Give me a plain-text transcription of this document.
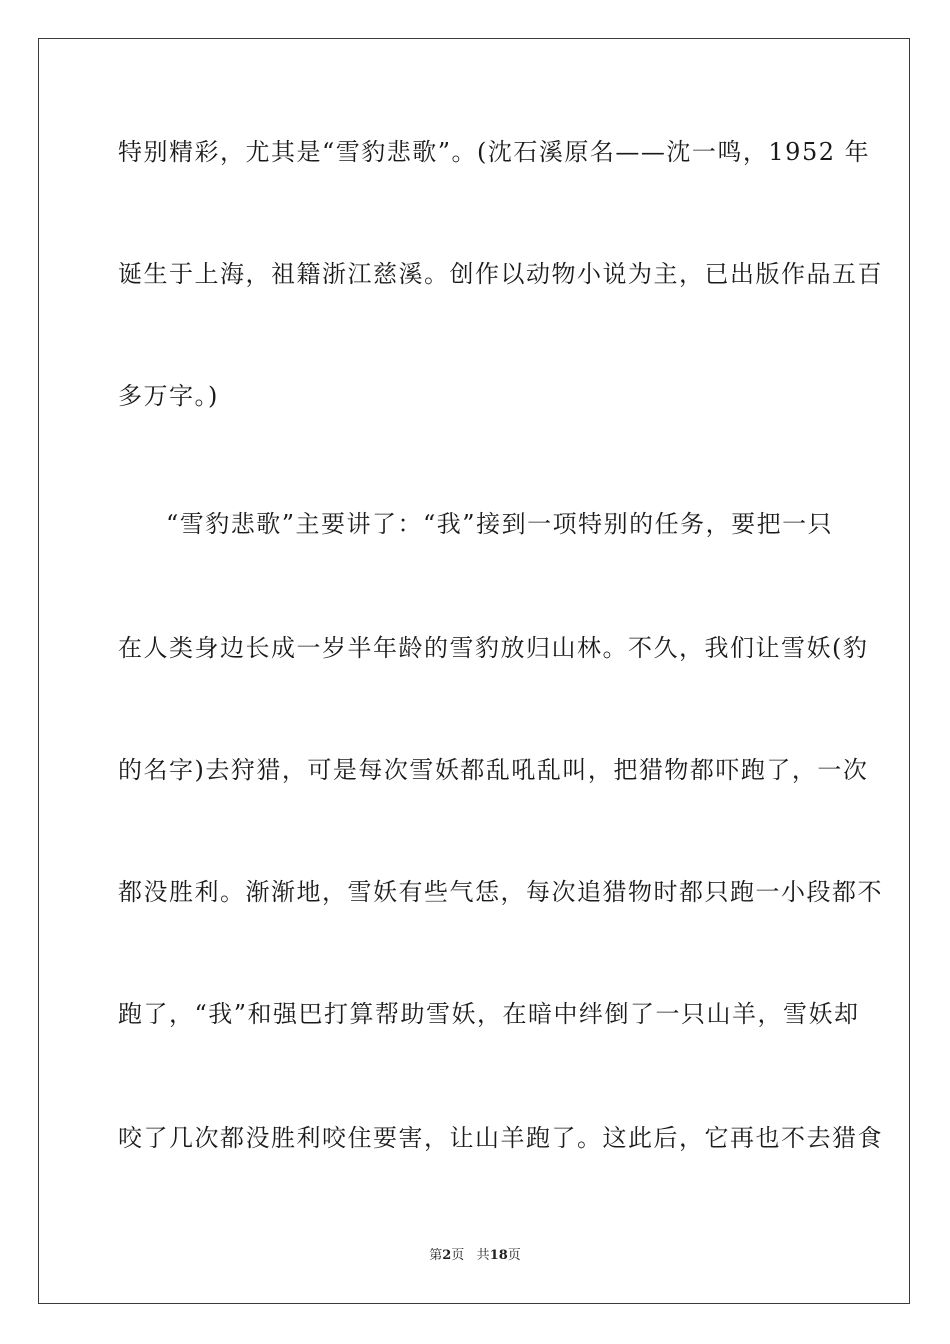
特别精彩，尤其是“雪豹悲歌”。(沈石溪原名——沈一鸣，1952 年
诞生于上海，祖籍浙江慈溪。创作以动物小说为主，已出版作品五百
多万字。)
“雪豹悲歌”主要讲了：“我”接到一项特别的任务，要把一只
在人类身边长成一岁半年龄的雪豹放归山林。不久，我们让雪妖(豹
的名字)去狩猎，可是每次雪妖都乱吼乱叫，把猎物都吓跑了，一次
都没胜利。渐渐地，雪妖有些气恁，每次追猎物时都只跑一小段都不
跑了，“我”和强巴打算帮助雪妖，在暗中绊倒了一只山羊，雪妖却
咬了几次都没胜利咬住要害，让山羊跑了。这此后，它再也不去猎食
第2页 共18页
